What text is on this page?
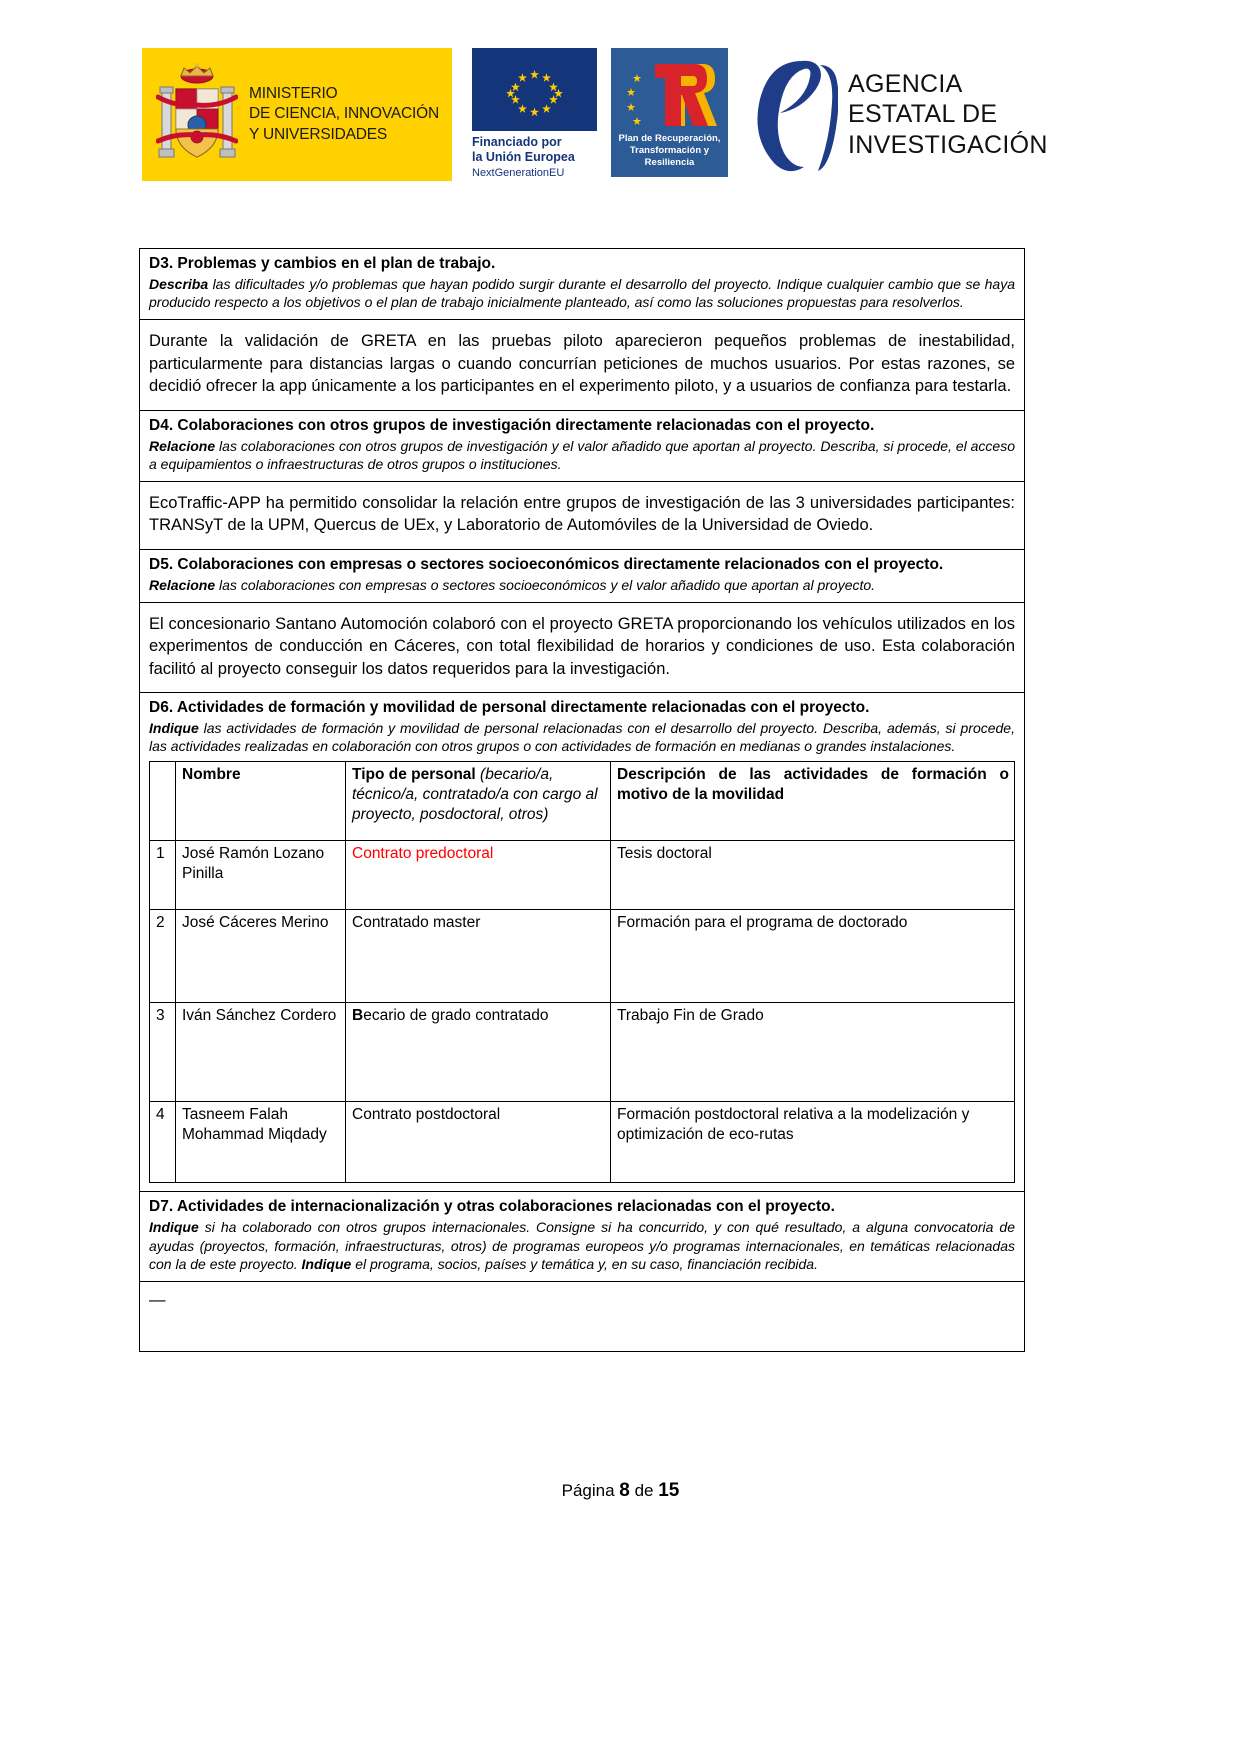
MINISTERIO
DE CIENCIA, INNOVACIÓN
Y UNIVERSIDADES	Financiado por
la Unión Europea
NextGenerationEU
Plan de Recuperación,
Transformación y
Resiliencia
AGENCIA
ESTATAL DE
INVESTIGACIÓN
D3. Problemas y cambios en el plan de trabajo.

Describa las dificultades y/o problemas que hayan podido surgir durante el desarrollo del proyecto. Indique cualquier cambio que se haya producido respecto a los objetivos o el plan de trabajo inicialmente planteado, así como las soluciones propuestas para resolverlos.

Durante la validación de GRETA en las pruebas piloto aparecieron pequeños problemas de inestabilidad, particularmente para distancias largas o cuando concurrían peticiones de muchos usuarios. Por estas razones, se decidió ofrecer la app únicamente a los participantes en el experimento piloto, y a usuarios de confianza para testarla.

D4. Colaboraciones con otros grupos de investigación directamente relacionadas con el proyecto.

Relacione las colaboraciones con otros grupos de investigación y el valor añadido que aportan al proyecto. Describa, si procede, el acceso a equipamientos o infraestructuras de otros grupos o instituciones.

EcoTraffic-APP ha permitido consolidar la relación entre grupos de investigación de las 3 universidades participantes: TRANSyT de la UPM, Quercus de UEx, y Laboratorio de Automóviles de la Universidad de Oviedo.

D5. Colaboraciones con empresas o sectores socioeconómicos directamente relacionados con el proyecto.

Relacione las colaboraciones con empresas o sectores socioeconómicos y el valor añadido que aportan al proyecto.

El concesionario Santano Automoción colaboró con el proyecto GRETA proporcionando los vehículos utilizados en los experimentos de conducción en Cáceres, con total flexibilidad de horarios y condiciones de uso. Esta colaboración facilitó al proyecto conseguir los datos requeridos para la investigación.

D6. Actividades de formación y movilidad de personal directamente relacionadas con el proyecto.

Indique las actividades de formación y movilidad de personal relacionadas con el desarrollo del proyecto. Describa, además, si procede, las actividades realizadas en colaboración con otros grupos o con actividades de formación en medianas o grandes instalaciones.

	Nombre	Tipo de personal (becario/a, técnico/a, contratado/a con cargo al proyecto, posdoctoral, otros)	Descripción de las actividades de formación o motivo de la movilidad
1	José Ramón Lozano Pinilla	Contrato predoctoral	Tesis doctoral
2	José Cáceres Merino	Contratado master	Formación para el programa de doctorado
3	Iván Sánchez Cordero	Becario de grado contratado	Trabajo Fin de Grado
4	Tasneem Falah Mohammad Miqdady	Contrato postdoctoral	Formación postdoctoral relativa a la modelización y optimización de eco-rutas
D7. Actividades de internacionalización y otras colaboraciones relacionadas con el proyecto.

Indique si ha colaborado con otros grupos internacionales. Consigne si ha concurrido, y con qué resultado, a alguna convocatoria de ayudas (proyectos, formación, infraestructuras, otros) de programas europeos y/o programas internacionales, en temáticas relacionadas con la de este proyecto. Indique el programa, socios, países y temática y, en su caso, financiación recibida.

—
Página 8 de 15
